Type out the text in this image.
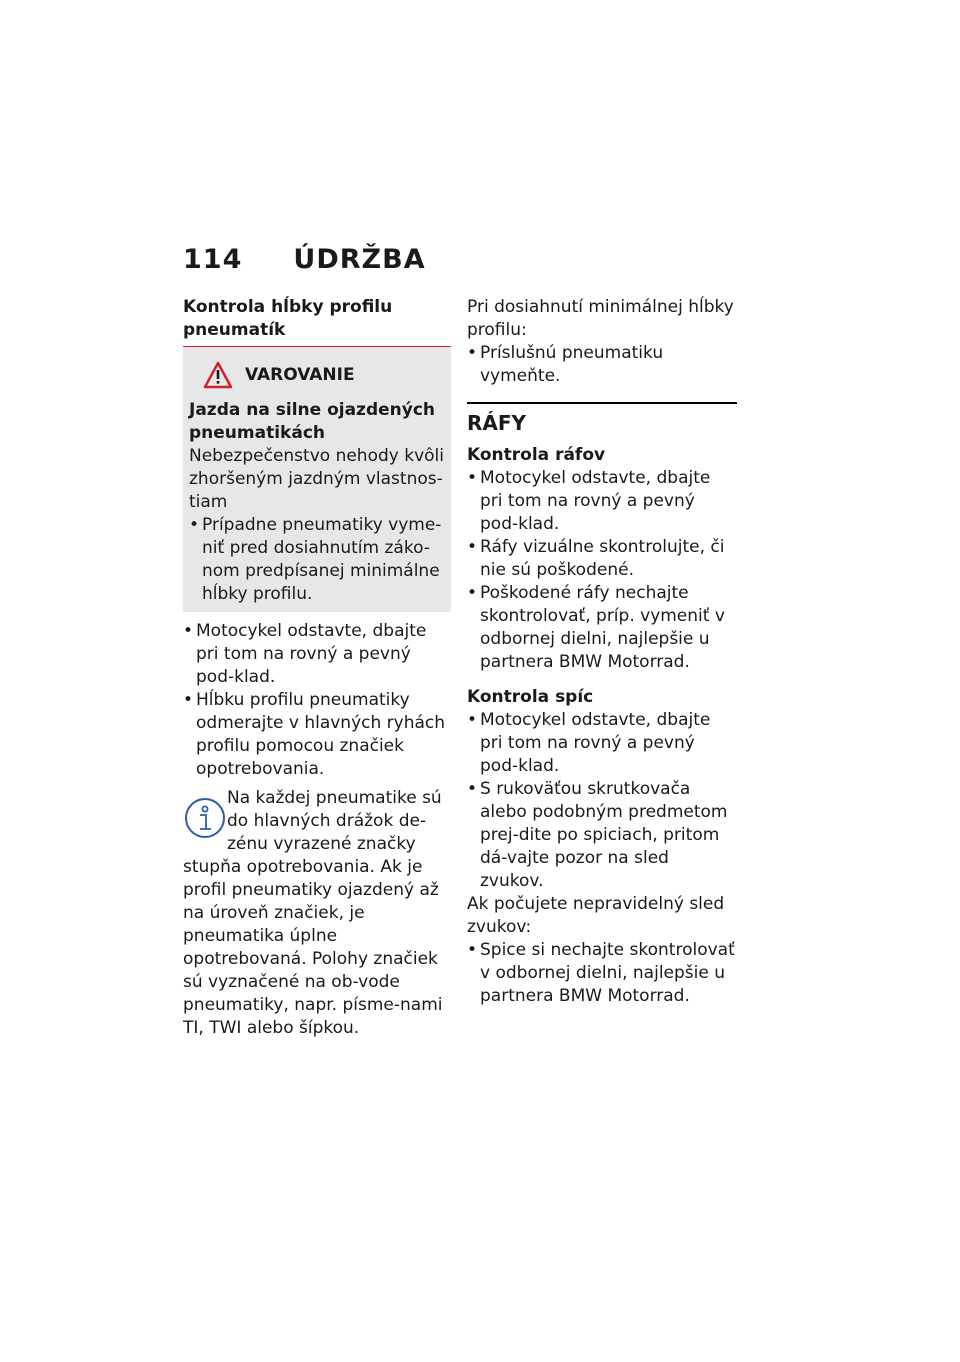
114 ÚDRŽBA

Kontrola hĺbky profilu pneumatík

VAROVANIE

Jazda na silne ojazdených pneumatikách

Nebezpečenstvo nehody kvôli zhoršeným jazdným vlastnos-tiam

• Prípadne pneumatiky vyme-niť pred dosiahnutím záko-nom predpísanej minimálne hĺbky profilu.
• Motocykel odstavte, dbajte pri tom na rovný a pevný pod-klad.
• Hĺbku profilu pneumatiky odmerajte v hlavných ryhách profilu pomocou značiek opotrebovania.

Na každej pneumatike sú do hlavných drážok de-zénu vyrazené značky stupňa opotrebovania. Ak je profil pneumatiky ojazdený až na úroveň značiek, je pneumatika úplne opotrebovaná. Polohy značiek sú vyznačené na ob-vode pneumatiky, napr. písme-nami TI, TWI alebo šípkou.

Pri dosiahnutí minimálnej hĺbky profilu:

• Príslušnú pneumatiku vymeňte.

RÁFY

Kontrola ráfov

• Motocykel odstavte, dbajte pri tom na rovný a pevný pod-klad.
• Ráfy vizuálne skontrolujte, či nie sú poškodené.
• Poškodené ráfy nechajte skontrolovať, príp. vymeniť v odbornej dielni, najlepšie u partnera BMW Motorrad.

Kontrola spíc

• Motocykel odstavte, dbajte pri tom na rovný a pevný pod-klad.
• S rukoväťou skrutkovača alebo podobným predmetom prej-dite po spiciach, pritom dá-vajte pozor na sled zvukov.

Ak počujete nepravidelný sled zvukov:

• Spice si nechajte skontrolovať v odbornej dielni, najlepšie u partnera BMW Motorrad.
